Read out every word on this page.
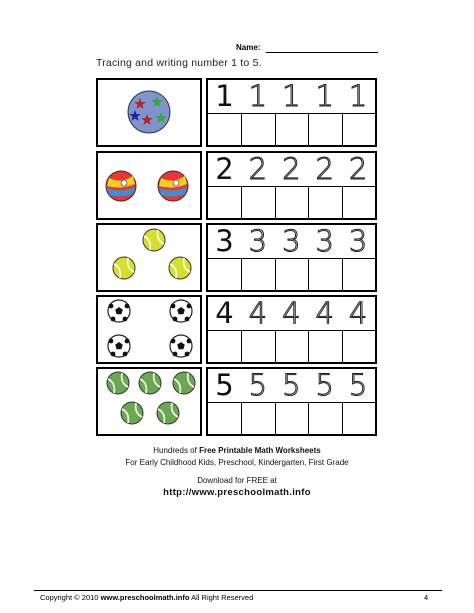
Name:
Tracing and writing number 1 to 5.
1 1 1 1 1
2 2 2 2 2
3 3 3 3 3
4 4 4 4 4
5 5 5 5 5
Hundreds of Free Printable Math Worksheets
For Early Childhood Kids, Preschool, Kindergarten, First Grade
Download for FREE at
http://www.preschoolmath.info
Copyright © 2010 www.preschoolmath.info All Right Reserved	4
